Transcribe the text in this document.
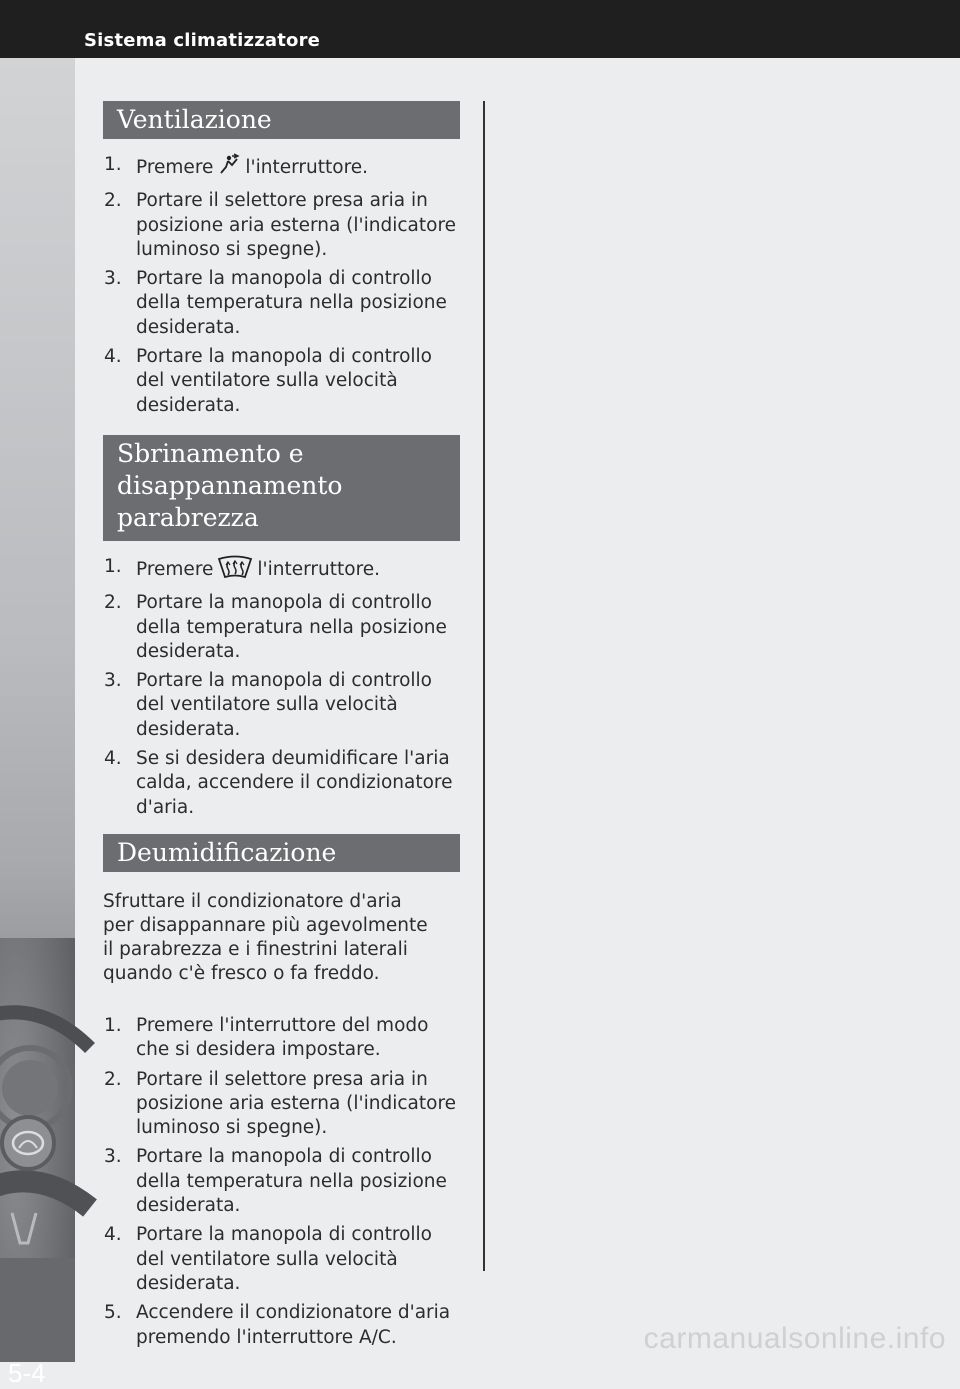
Sistema climatizzatore
5-4
Ventilazione
1. Premere l'interruttore.
2. Portare il selettore presa aria in posizione aria esterna (l'indicatore luminoso si spegne).
3. Portare la manopola di controllo della temperatura nella posizione desiderata.
4. Portare la manopola di controllo del ventilatore sulla velocità desiderata.
Sbrinamento e disappannamento parabrezza
1. Premere l'interruttore.
2. Portare la manopola di controllo della temperatura nella posizione desiderata.
3. Portare la manopola di controllo del ventilatore sulla velocità desiderata.
4. Se si desidera deumidificare l'aria calda, accendere il condizionatore d'aria.
Deumidificazione

Sfruttare il condizionatore d'aria per disappannare più agevolmente il parabrezza e i finestrini laterali quando c'è fresco o fa freddo.

1. Premere l'interruttore del modo che si desidera impostare.
2. Portare il selettore presa aria in posizione aria esterna (l'indicatore luminoso si spegne).
3. Portare la manopola di controllo della temperatura nella posizione desiderata.
4. Portare la manopola di controllo del ventilatore sulla velocità desiderata.
5. Accendere il condizionatore d'aria premendo l'interruttore A/C.	carmanualsonline.info
